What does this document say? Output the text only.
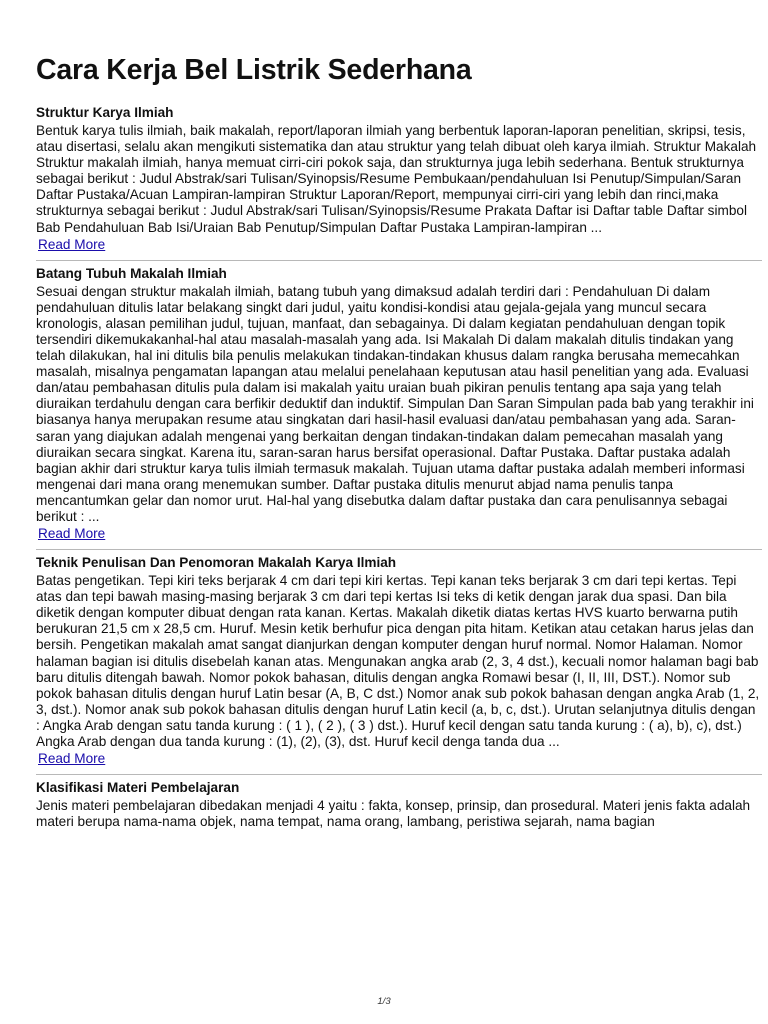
Cara Kerja Bel Listrik Sederhana
Struktur Karya Ilmiah

Bentuk karya tulis ilmiah, baik makalah, report/laporan ilmiah yang berbentuk laporan-laporan penelitian, skripsi, tesis, atau disertasi, selalu akan mengikuti sistematika dan atau struktur yang telah dibuat oleh karya ilmiah. Struktur Makalah Struktur makalah ilmiah, hanya memuat cirri-ciri pokok saja, dan strukturnya juga lebih sederhana. Bentuk strukturnya sebagai berikut : Judul Abstrak/sari Tulisan/Syinopsis/Resume Pembukaan/pendahuluan Isi Penutup/Simpulan/Saran Daftar Pustaka/Acuan Lampiran-lampiran Struktur Laporan/Report, mempunyai cirri-ciri yang lebih dan rinci,maka strukturnya sebagai berikut : Judul Abstrak/sari Tulisan/Syinopsis/Resume Prakata Daftar isi Daftar table Daftar simbol Bab Pendahuluan Bab Isi/Uraian Bab Penutup/Simpulan Daftar Pustaka Lampiran-lampiran ...

Read More
Batang Tubuh Makalah Ilmiah

Sesuai dengan struktur makalah ilmiah, batang tubuh yang dimaksud adalah terdiri dari : Pendahuluan Di dalam pendahuluan ditulis latar belakang singkt dari judul, yaitu kondisi-kondisi atau gejala-gejala yang muncul secara kronologis, alasan pemilihan judul, tujuan, manfaat, dan sebagainya. Di dalam kegiatan pendahuluan dengan topik tersendiri dikemukakanhal-hal atau masalah-masalah yang ada. Isi Makalah Di dalam makalah ditulis tindakan yang telah dilakukan, hal ini ditulis bila penulis melakukan tindakan-tindakan khusus dalam rangka berusaha memecahkan masalah, misalnya pengamatan lapangan atau melalui penelahaan keputusan atau hasil penelitian yang ada. Evaluasi dan/atau pembahasan ditulis pula dalam isi makalah yaitu uraian buah pikiran penulis tentang apa saja yang telah diuraikan terdahulu dengan cara berfikir deduktif dan induktif. Simpulan Dan Saran Simpulan pada bab yang terakhir ini biasanya hanya merupakan resume atau singkatan dari hasil-hasil evaluasi dan/atau pembahasan yang ada. Saran-saran yang diajukan adalah mengenai yang berkaitan dengan tindakan-tindakan dalam pemecahan masalah yang diuraikan secara singkat. Karena itu, saran-saran harus bersifat operasional. Daftar Pustaka. Daftar pustaka adalah bagian akhir dari struktur karya tulis ilmiah termasuk makalah. Tujuan utama daftar pustaka adalah memberi informasi mengenai dari mana orang menemukan sumber. Daftar pustaka ditulis menurut abjad nama penulis tanpa mencantumkan gelar dan nomor urut. Hal-hal yang disebutka dalam daftar pustaka dan cara penulisannya sebagai berikut : ...

Read More
Teknik Penulisan Dan Penomoran Makalah Karya Ilmiah

Batas pengetikan. Tepi kiri teks berjarak 4 cm dari tepi kiri kertas. Tepi kanan teks berjarak 3 cm dari tepi kertas. Tepi atas dan tepi bawah masing-masing berjarak 3 cm dari tepi kertas Isi teks di ketik dengan jarak dua spasi. Dan bila diketik dengan komputer dibuat dengan rata kanan. Kertas. Makalah diketik diatas kertas HVS kuarto berwarna putih berukuran 21,5 cm x 28,5 cm. Huruf. Mesin ketik berhufur pica dengan pita hitam. Ketikan atau cetakan harus jelas dan bersih. Pengetikan makalah amat sangat dianjurkan dengan komputer dengan huruf normal. Nomor Halaman. Nomor halaman bagian isi ditulis disebelah kanan atas. Mengunakan angka arab (2, 3, 4 dst.), kecuali nomor halaman bagi bab baru ditulis ditengah bawah. Nomor pokok bahasan, ditulis dengan angka Romawi besar (I, II, III, DST.). Nomor sub pokok bahasan ditulis dengan huruf Latin besar (A, B, C dst.) Nomor anak sub pokok bahasan dengan angka Arab (1, 2, 3, dst.). Nomor anak sub pokok bahasan ditulis dengan huruf Latin kecil (a, b, c, dst.). Urutan selanjutnya ditulis dengan : Angka Arab dengan satu tanda kurung : ( 1 ), ( 2 ), ( 3 ) dst.). Huruf kecil dengan satu tanda kurung : ( a), b), c), dst.) Angka Arab dengan dua tanda kurung : (1), (2), (3), dst. Huruf kecil denga tanda dua ...

Read More
Klasifikasi Materi Pembelajaran

Jenis materi pembelajaran dibedakan menjadi 4 yaitu : fakta, konsep, prinsip, dan prosedural. Materi jenis fakta adalah materi berupa nama-nama objek, nama tempat, nama orang, lambang, peristiwa sejarah, nama bagian

1/3
